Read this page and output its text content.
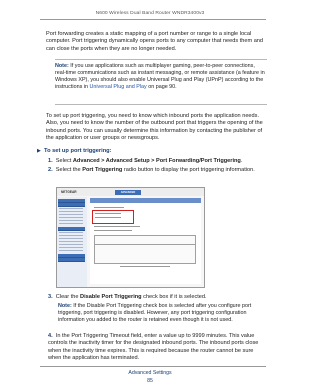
N600 Wireless Dual Band Router WNDR3400v3
Port forwarding creates a static mapping of a port number or range to a single local computer. Port triggering dynamically opens ports to any computer that needs them and can close the ports when they are no longer needed.
Note: If you use applications such as multiplayer gaming, peer-to-peer connections, real-time communications such as instant messaging, or remote assistance (a feature in Windows XP), you should also enable Universal Plug and Play (UPnP) according to the instructions in Universal Plug and Play on page 90.
To set up port triggering, you need to know which inbound ports the application needs. Also, you need to know the number of the outbound port that triggers the opening of the inbound ports. You can usually determine this information by contacting the publisher of the application or user groups or newsgroups.
▶ To set up port triggering:
1. Select Advanced > Advanced Setup > Port Forwarding/Port Triggering.
2. Select the Port Triggering radio button to display the port triggering information.
NETGEAR	ADVANCED
3. Clear the Disable Port Triggering check box if it is selected.
Note: If the Disable Port Triggering check box is selected after you configure port triggering, port triggering is disabled. However, any port triggering configuration information you added to the router is retained even though it is not used.
4. In the Port Triggering Timeout field, enter a value up to 9999 minutes. This value controls the inactivity timer for the designated inbound ports. The inbound ports close when the inactivity time expires. This is required because the router cannot be sure when the application has terminated.
Advanced Settings
85
